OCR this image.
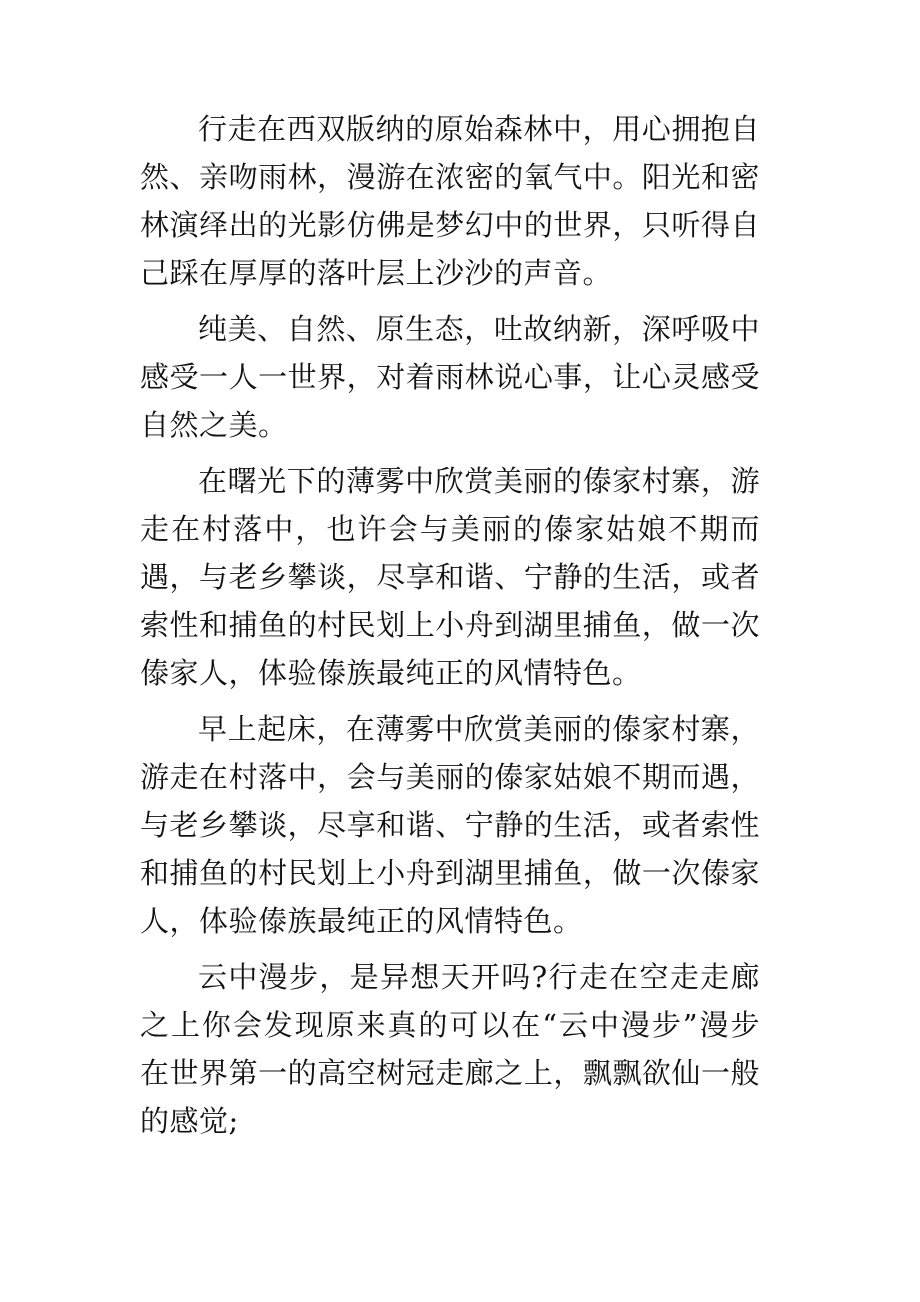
行走在西双版纳的原始森林中，用心拥抱自然、亲吻雨林，漫游在浓密的氧气中。阳光和密林演绎出的光影仿佛是梦幻中的世界，只听得自己踩在厚厚的落叶层上沙沙的声音。

纯美、自然、原生态，吐故纳新，深呼吸中感受一人一世界，对着雨林说心事，让心灵感受自然之美。

在曙光下的薄雾中欣赏美丽的傣家村寨，游走在村落中，也许会与美丽的傣家姑娘不期而遇，与老乡攀谈，尽享和谐、宁静的生活，或者索性和捕鱼的村民划上小舟到湖里捕鱼，做一次傣家人，体验傣族最纯正的风情特色。

早上起床，在薄雾中欣赏美丽的傣家村寨，游走在村落中，会与美丽的傣家姑娘不期而遇，与老乡攀谈，尽享和谐、宁静的生活，或者索性和捕鱼的村民划上小舟到湖里捕鱼，做一次傣家人，体验傣族最纯正的风情特色。

云中漫步，是异想天开吗?行走在空走走廊之上你会发现原来真的可以在“云中漫步”漫步在世界第一的高空树冠走廊之上，飘飘欲仙一般的感觉;
